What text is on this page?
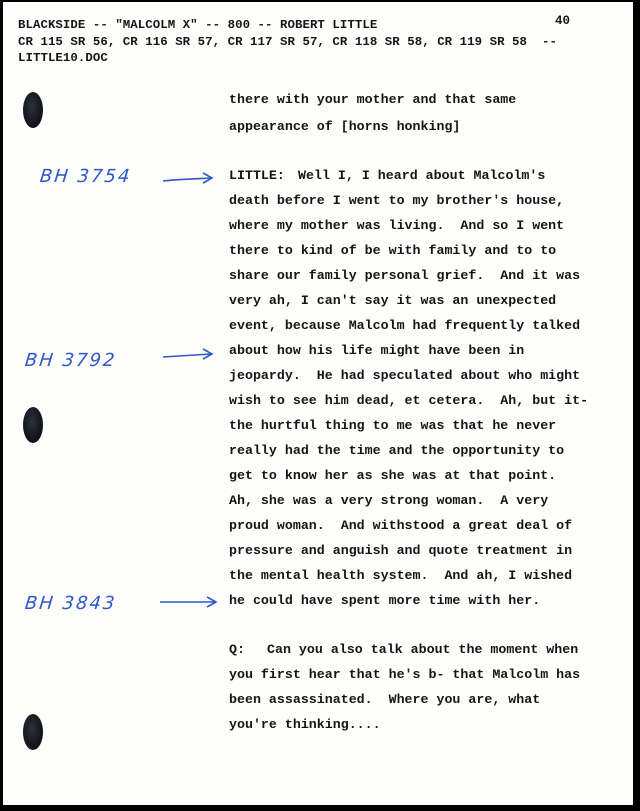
BLACKSIDE -- "MALCOLM X" -- 800 -- ROBERT LITTLE
CR 115 SR 56, CR 116 SR 57, CR 117 SR 57, CR 118 SR 58, CR 119 SR 58  --
LITTLE10.DOC
40
BH 3754
BH 3792
BH 3843
there with your mother and that same
appearance of [horns honking]
LITTLE: Well I, I heard about Malcolm's
death before I went to my brother's house,
where my mother was living.  And so I went
there to kind of be with family and to to
share our family personal grief.  And it was
very ah, I can't say it was an unexpected
event, because Malcolm had frequently talked
about how his life might have been in
jeopardy.  He had speculated about who might
wish to see him dead, et cetera.  Ah, but it-
the hurtful thing to me was that he never
really had the time and the opportunity to
get to know her as she was at that point.
Ah, she was a very strong woman.  A very
proud woman.  And withstood a great deal of
pressure and anguish and quote treatment in
the mental health system.  And ah, I wished
he could have spent more time with her.
Q: Can you also talk about the moment when
you first hear that he's b- that Malcolm has
been assassinated.  Where you are, what
you're thinking....
